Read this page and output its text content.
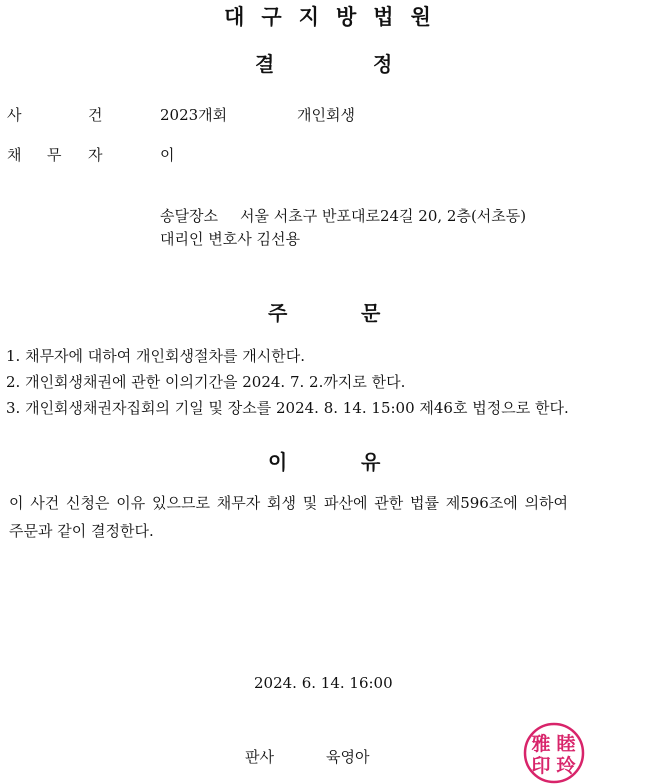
대구지방법원
결	정
사	건	2023개회	개인회생
채 무 자	이
송달장소 서울 서초구 반포대로24길 20, 2층(서초동)
대리인 변호사 김선용
주	문
1. 채무자에 대하여 개인회생절차를 개시한다.
2. 개인회생채권에 관한 이의기간을 2024. 7. 2.까지로 한다.
3. 개인회생채권자집회의 기일 및 장소를 2024. 8. 14. 15:00 제46호 법정으로 한다.
이	유
이 사건 신청은 이유 있으므로 채무자 회생 및 파산에 관한 법률 제596조에 의하여
주문과 같이 결정한다.
2024. 6. 14. 16:00
판사	육영아
雅 睦
印 玲
